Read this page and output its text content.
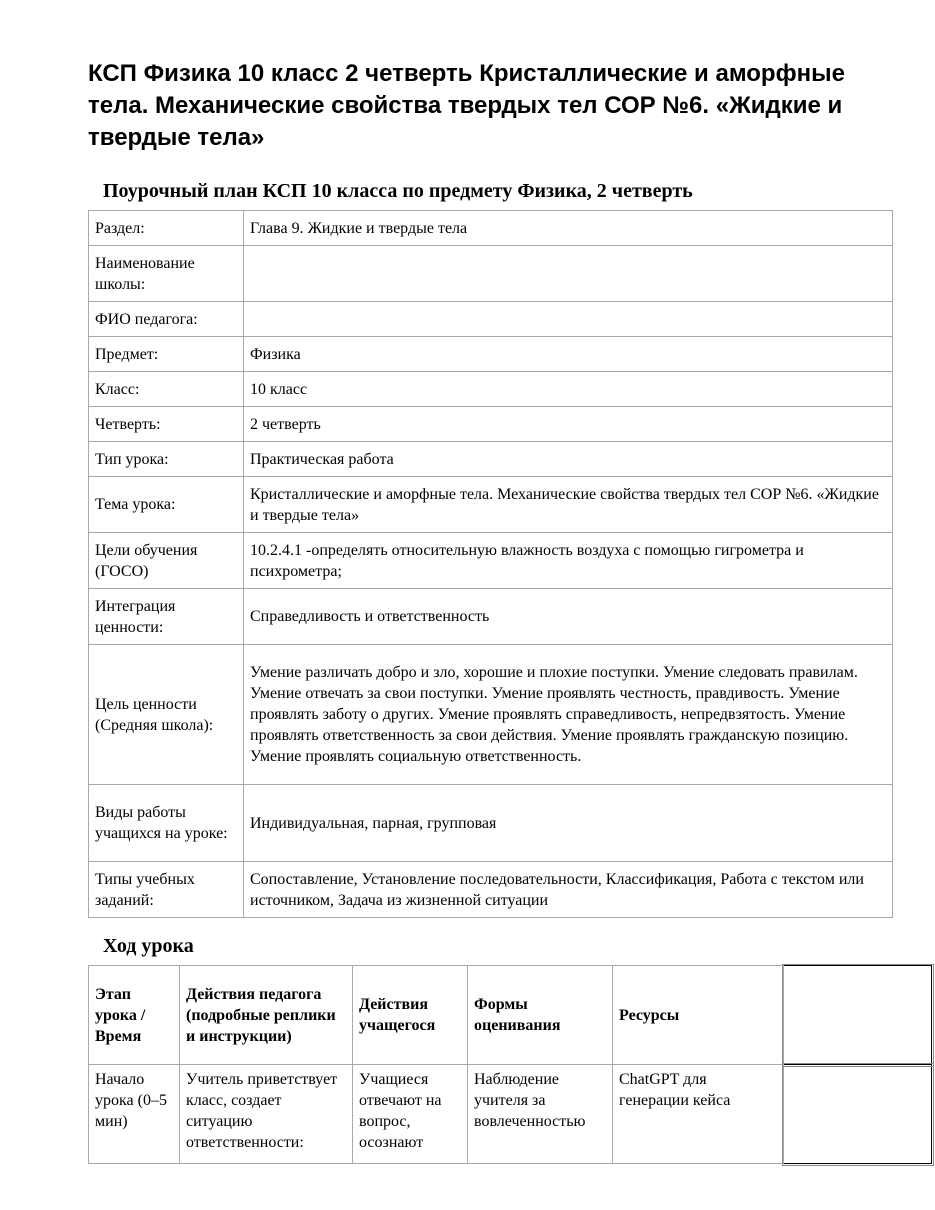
КСП Физика 10 класс 2 четверть Кристаллические и аморфные тела. Механические свойства твердых тел СОР №6. «Жидкие и твердые тела»
Поурочный план КСП 10 класса по предмету Физика, 2 четверть
Раздел:	Глава 9. Жидкие и твердые тела
Наименование школы:	
ФИО педагога:	
Предмет:	Физика
Класс:	10 класс
Четверть:	2 четверть
Тип урока:	Практическая работа
Тема урока:	Кристаллические и аморфные тела. Механические свойства твердых тел СОР №6. «Жидкие и твердые тела»
Цели обучения (ГОСО)	10.2.4.1 -определять относительную влажность воздуха с помощью гигрометра и психрометра;
Интеграция ценности:	Справедливость и ответственность
Цель ценности (Средняя школа):	Умение различать добро и зло, хорошие и плохие поступки. Умение следовать правилам. Умение отвечать за свои поступки. Умение проявлять честность, правдивость. Умение проявлять заботу о других. Умение проявлять справедливость, непредвзятость. Умение проявлять ответственность за свои действия. Умение проявлять гражданскую позицию. Умение проявлять социальную ответственность.
Виды работы учащихся на уроке:	Индивидуальная, парная, групповая
Типы учебных заданий:	Сопоставление, Установление последовательности, Классификация, Работа с текстом или источником, Задача из жизненной ситуации
Ход урока
Этап урока / Время	Действия педагога (подробные реплики и инструкции)	Действия учащегося	Формы оценивания	Ресурсы	
Начало урока (0–5 мин)	Учитель приветствует класс, создает ситуацию ответственности:	Учащиеся отвечают на вопрос, осознают	Наблюдение учителя за вовлеченностью	ChatGPT для генерации кейса	
